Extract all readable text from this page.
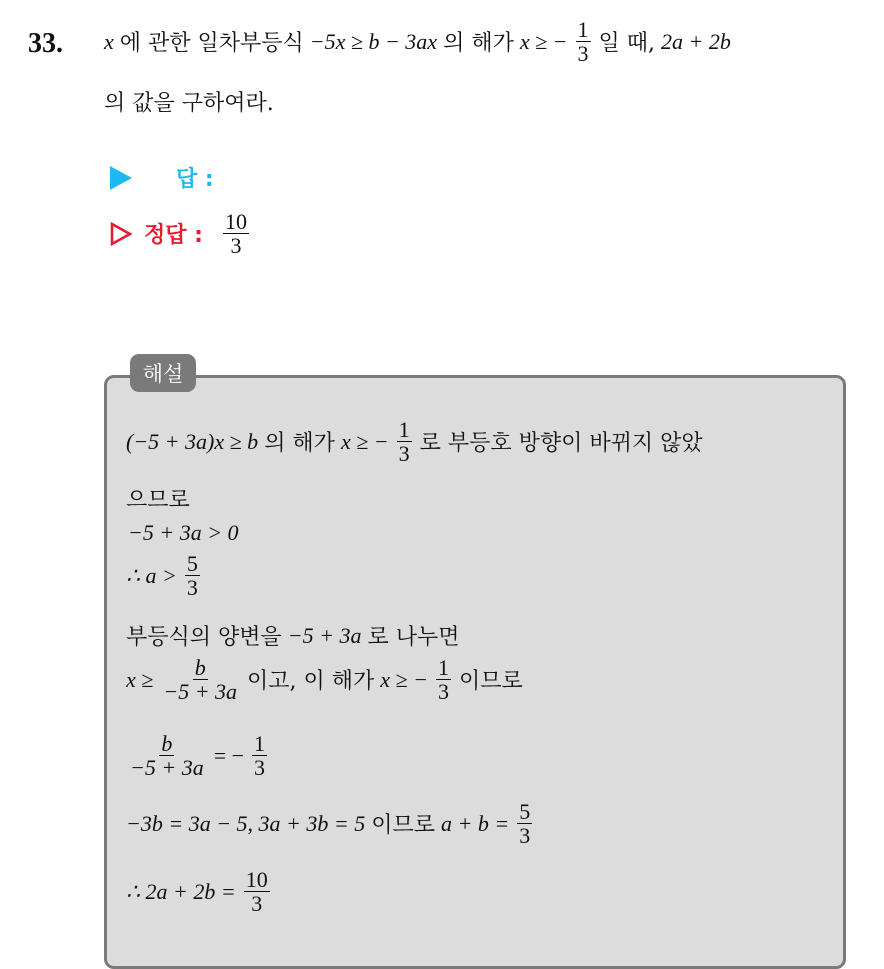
33. x 에 관한 일차부등식 −5x ≥ b − 3ax 의 해가 x ≥ − $\frac{1}{3}$ 일 때, 2a + 2b
의 값을 구하여라.
답 :
정답 : $\frac{10}{3}$
해설
(−5 + 3a)x ≥ b 의 해가 x ≥ − $\frac{1}{3}$ 로 부등호 방향이 바뀌지 않았
으므로
−5 + 3a > 0
∴ $a > \frac{5}{3}$
부등식의 양변을 −5 + 3a 로 나누면
$x \ge \frac{b}{-5 + 3a}$ 이고, 이 해가 x ≥ − $\frac{1}{3}$ 이므로
$\frac{b}{-5 + 3a}$ = − $\frac{1}{3}$
−3b = 3a − 5, 3a + 3b = 5 이므로 $a + b = \frac{5}{3}$
∴ $2a + 2b = \frac{10}{3}$
